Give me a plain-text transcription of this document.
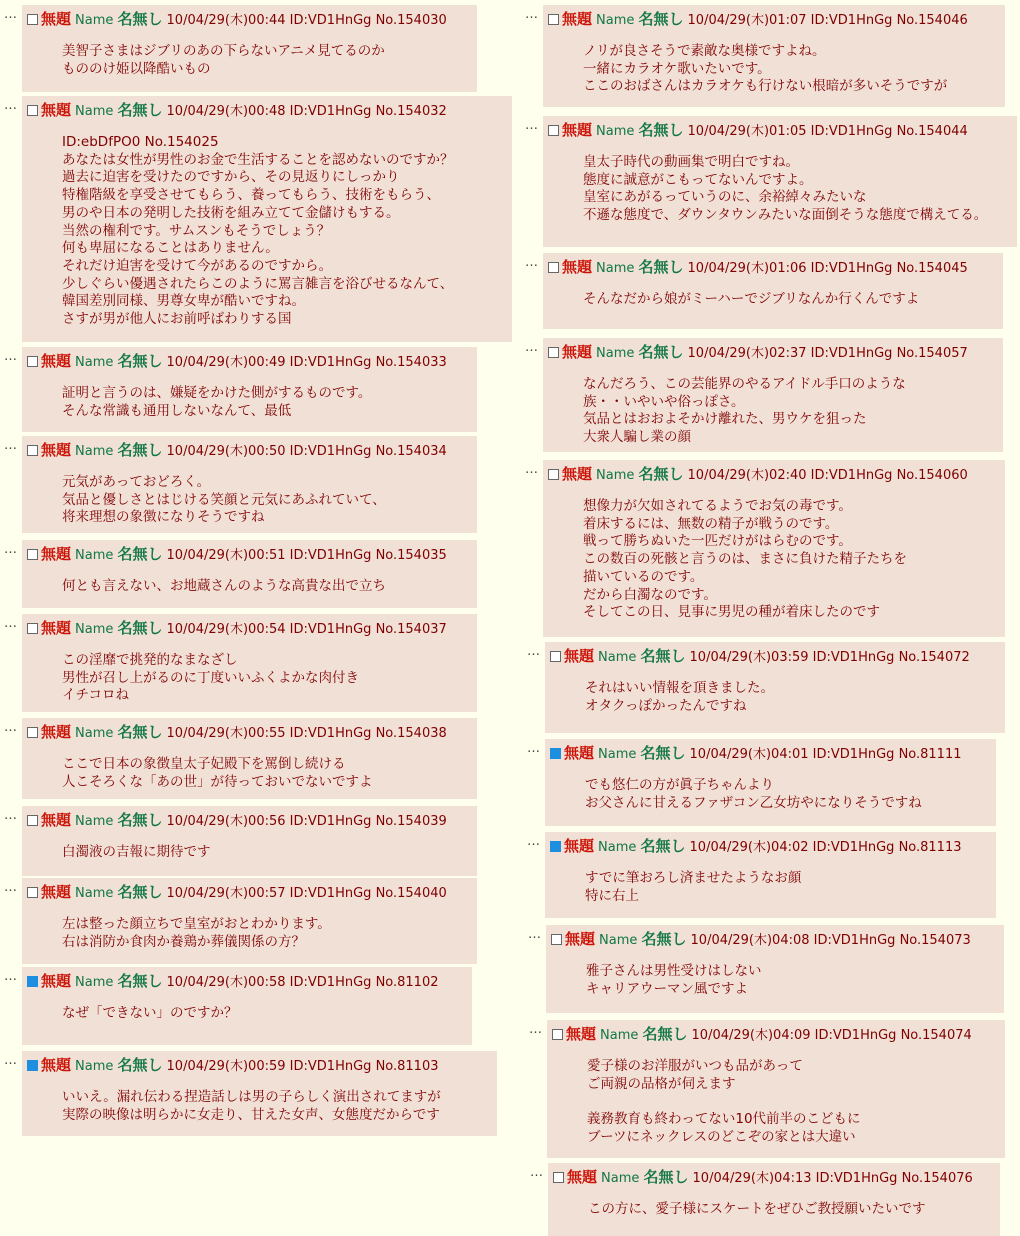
…	無題 Name 名無し 10/04/29(木)00:44 ID:VD1HnGg No.154030
美智子さまはジブリのあの下らないアニメ見てるのか
もののけ姫以降酷いもの
…	無題 Name 名無し 10/04/29(木)00:48 ID:VD1HnGg No.154032
ID:ebDfPO0 No.154025
あなたは女性が男性のお金で生活することを認めないのですか？
過去に迫害を受けたのですから、その見返りにしっかり
特権階級を享受させてもらう、養ってもらう、技術をもらう、
男のや日本の発明した技術を組み立てて金儲けもする。
当然の権利です。サムスンもそうでしょう？
何も卑屈になることはありません。
それだけ迫害を受けて今があるのですから。
少しぐらい優遇されたらこのように罵言雑言を浴びせるなんて、
韓国差別同様、男尊女卑が酷いですね。
さすが男が他人にお前呼ばわりする国
…	無題 Name 名無し 10/04/29(木)00:49 ID:VD1HnGg No.154033
証明と言うのは、嫌疑をかけた側がするものです。
そんな常識も通用しないなんて、最低
…	無題 Name 名無し 10/04/29(木)00:50 ID:VD1HnGg No.154034
元気があっておどろく。
気品と優しさとはじける笑顔と元気にあふれていて、
将来理想の象徴になりそうですね
…	無題 Name 名無し 10/04/29(木)00:51 ID:VD1HnGg No.154035
何とも言えない、お地蔵さんのような高貴な出で立ち
…	無題 Name 名無し 10/04/29(木)00:54 ID:VD1HnGg No.154037
この淫靡で挑発的なまなざし
男性が召し上がるのに丁度いいふくよかな肉付き
イチコロね
…	無題 Name 名無し 10/04/29(木)00:55 ID:VD1HnGg No.154038
ここで日本の象徴皇太子妃殿下を罵倒し続ける
人こそろくな「あの世」が待っておいでないですよ
…	無題 Name 名無し 10/04/29(木)00:56 ID:VD1HnGg No.154039
白濁液の吉報に期待です
…	無題 Name 名無し 10/04/29(木)00:57 ID:VD1HnGg No.154040
左は整った顔立ちで皇室がおとわかります。
右は消防か食肉か養鶏か葬儀関係の方？
…	無題 Name 名無し 10/04/29(木)00:58 ID:VD1HnGg No.81102
なぜ「できない」のですか？
…	無題 Name 名無し 10/04/29(木)00:59 ID:VD1HnGg No.81103
いいえ。漏れ伝わる捏造話しは男の子らしく演出されてますが
実際の映像は明らかに女走り、甘えた女声、女態度だからです
…	無題 Name 名無し 10/04/29(木)01:07 ID:VD1HnGg No.154046
ノリが良さそうで素敵な奥様ですよね。
一緒にカラオケ歌いたいです。
ここのおばさんはカラオケも行けない根暗が多いそうですが
…	無題 Name 名無し 10/04/29(木)01:05 ID:VD1HnGg No.154044
皇太子時代の動画集で明白ですね。
態度に誠意がこもってないんですよ。
皇室にあがるっていうのに、余裕綽々みたいな
不遜な態度で、ダウンタウンみたいな面倒そうな態度で構えてる。
…	無題 Name 名無し 10/04/29(木)01:06 ID:VD1HnGg No.154045
そんなだから娘がミーハーでジブリなんか行くんですよ
…	無題 Name 名無し 10/04/29(木)02:37 ID:VD1HnGg No.154057
なんだろう、この芸能界のやるアイドル手口のような
族・・いやいや俗っぽさ。
気品とはおおよそかけ離れた、男ウケを狙った
大衆人騙し業の顔
…	無題 Name 名無し 10/04/29(木)02:40 ID:VD1HnGg No.154060
想像力が欠如されてるようでお気の毒です。
着床するには、無数の精子が戦うのです。
戦って勝ちぬいた一匹だけがはらむのです。
この数百の死骸と言うのは、まさに負けた精子たちを
描いているのです。
だから白濁なのです。
そしてこの日、見事に男児の種が着床したのです
…	無題 Name 名無し 10/04/29(木)03:59 ID:VD1HnGg No.154072
それはいい情報を頂きました。
オタクっぽかったんですね
…	無題 Name 名無し 10/04/29(木)04:01 ID:VD1HnGg No.81111
でも悠仁の方が眞子ちゃんより
お父さんに甘えるファザコン乙女坊やになりそうですね
…	無題 Name 名無し 10/04/29(木)04:02 ID:VD1HnGg No.81113
すでに筆おろし済ませたようなお顔
特に右上
…	無題 Name 名無し 10/04/29(木)04:08 ID:VD1HnGg No.154073
雅子さんは男性受けはしない
キャリアウーマン風ですよ
…	無題 Name 名無し 10/04/29(木)04:09 ID:VD1HnGg No.154074
愛子様のお洋服がいつも品があって
ご両親の品格が伺えます
義務教育も終わってない10代前半のこどもに
ブーツにネックレスのどこぞの家とは大違い
…	無題 Name 名無し 10/04/29(木)04:13 ID:VD1HnGg No.154076
この方に、愛子様にスケートをぜひご教授願いたいです
